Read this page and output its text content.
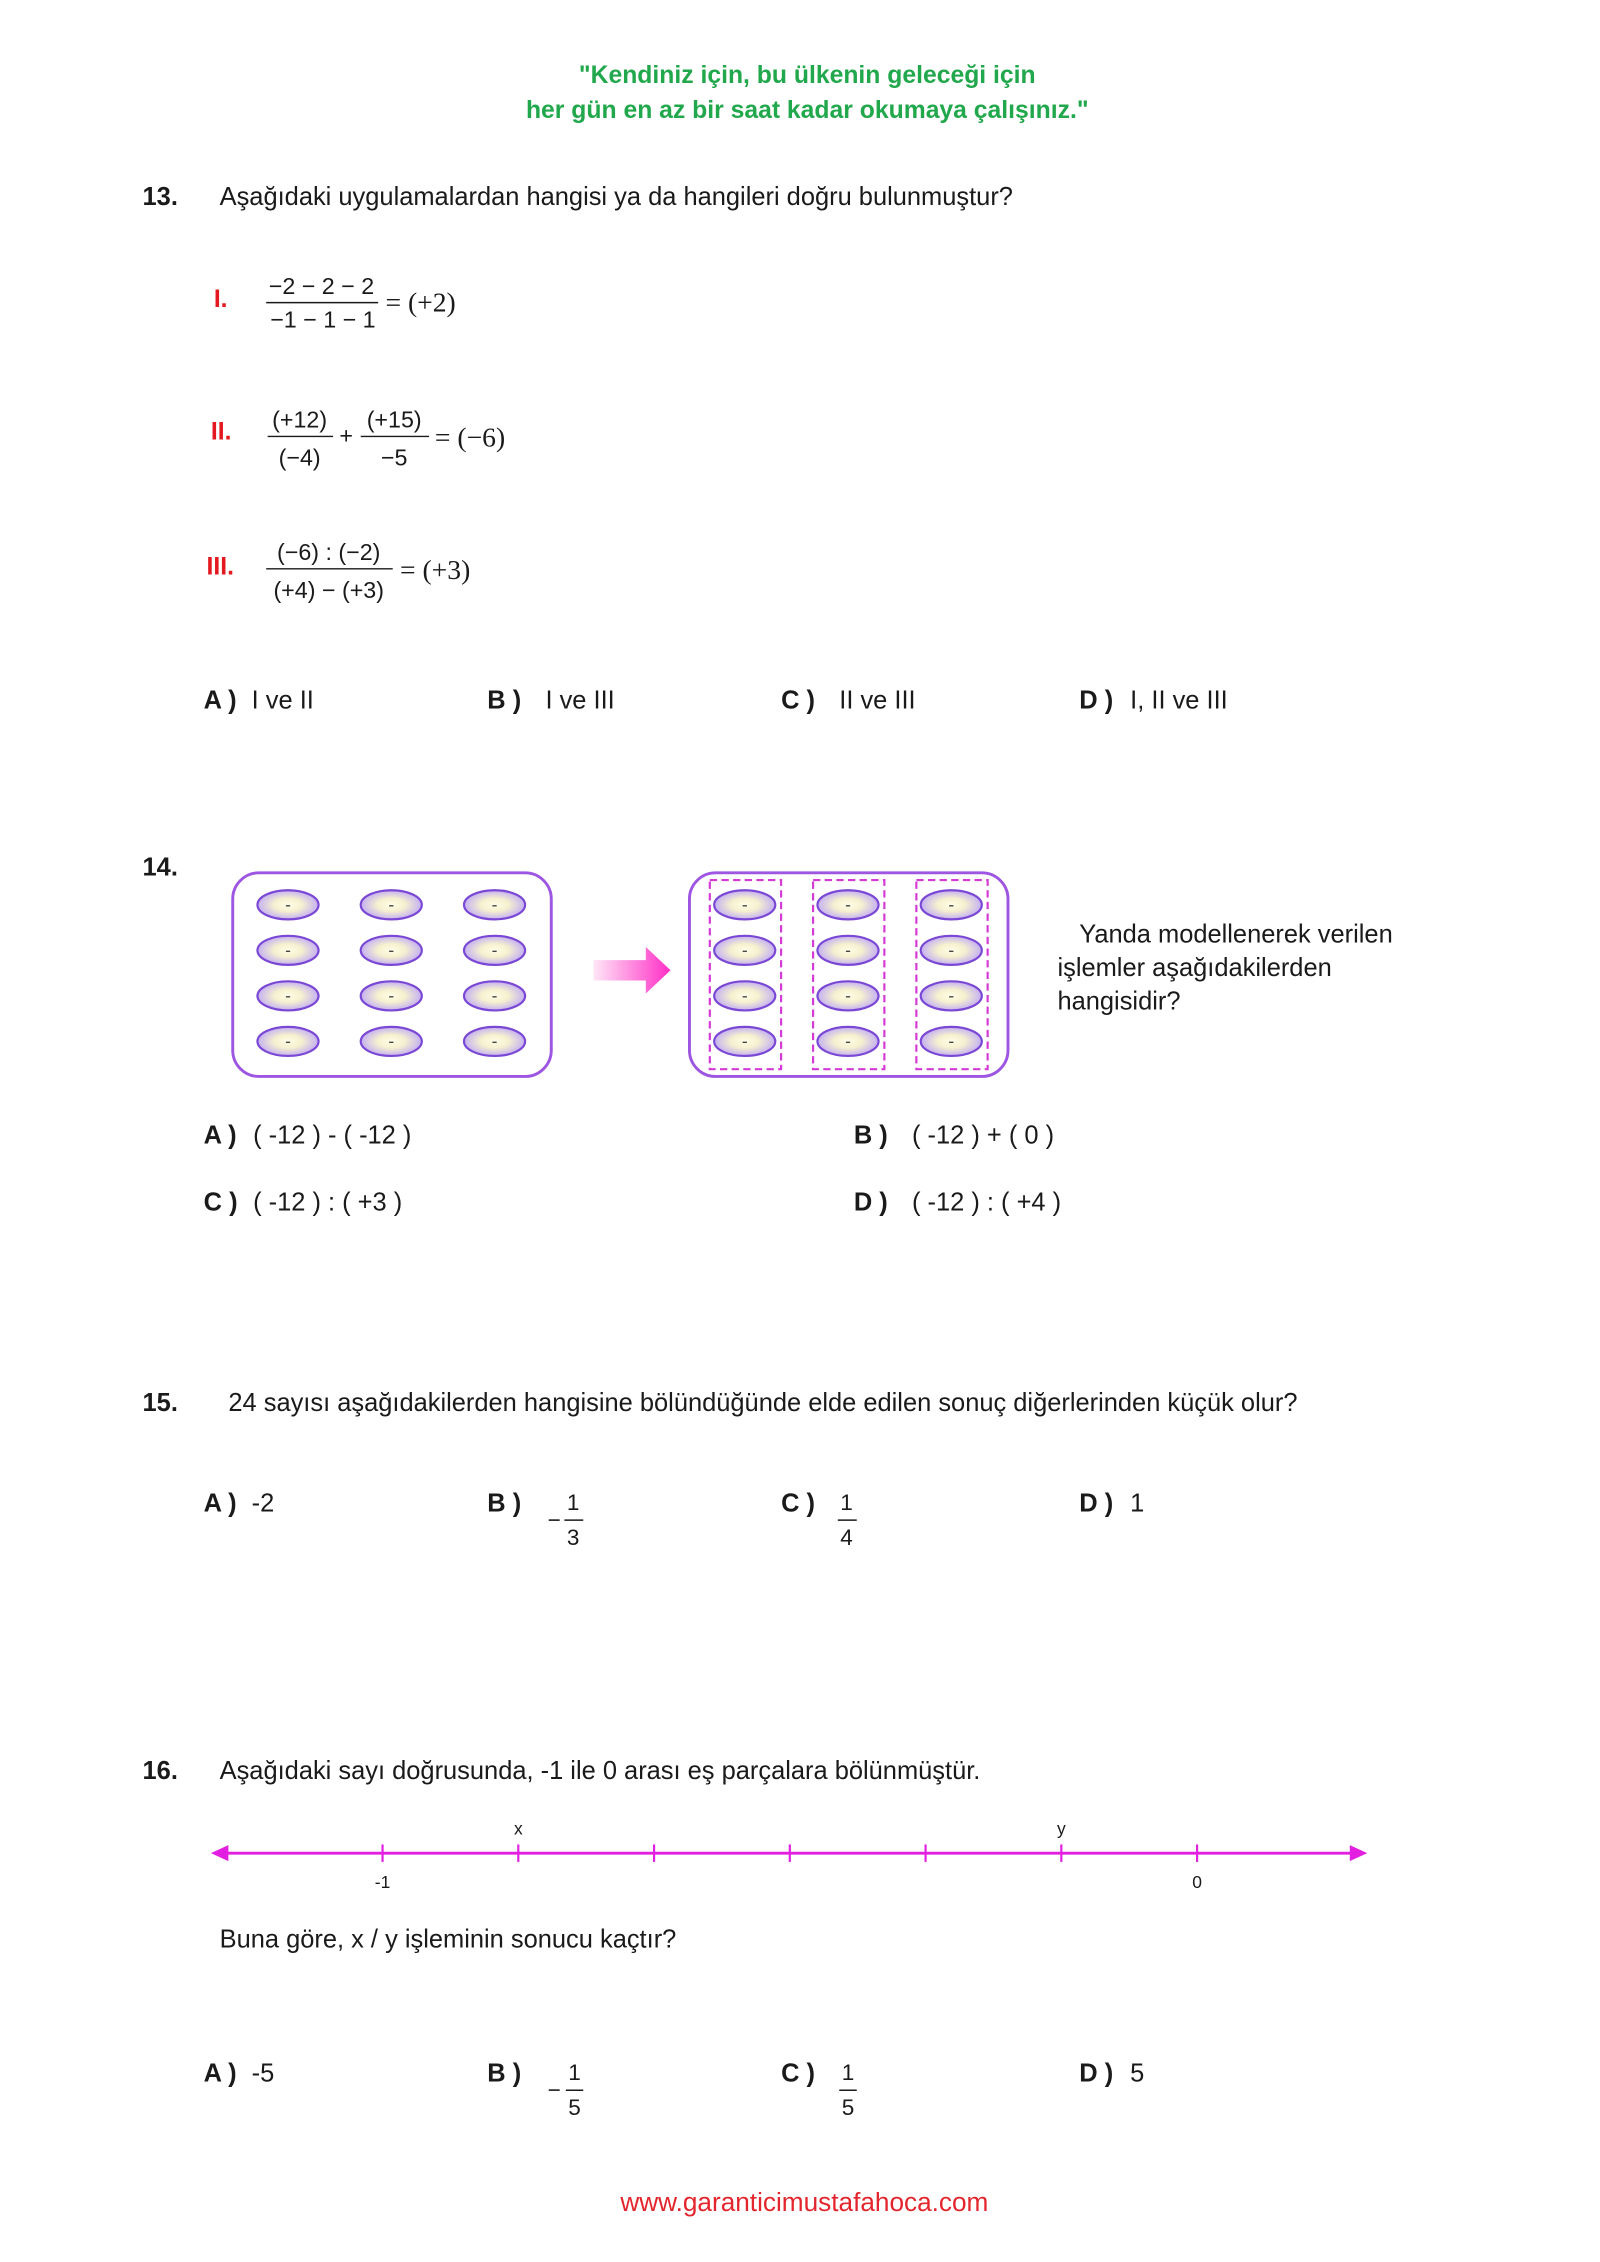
"Kendiniz için, bu ülkenin geleceği için
her gün en az bir saat kadar okumaya çalışınız."
13. Aşağıdaki uygulamalardan hangisi ya da hangileri doğru bulunmuştur?
I.
−2 − 2 − 2
−1 − 1 − 1
= (+2)
II.	(+12)
(−4)
+
(+15)
−5
= (−6)
III.
(−6) : (−2)
(+4) − (+3)
= (+3)
A ) I ve II	B ) I ve III	C ) II ve III	D ) I, II ve III
14.
-
-
-
-
-
-
-
-
-
-
-
-
-
-
-
-
-
-
-
-
-
-
-
-
Yanda modellenerek verilen
işlemler aşağıdakilerden
hangisidir?
A ) ( -12 ) - ( -12 )	B ) ( -12 ) + ( 0 )
C ) ( -12 ) : ( +3 )	D ) ( -12 ) : ( +4 )
15.	24 sayısı aşağıdakilerden hangisine bölündüğünde elde edilen sonuç diğerlerinden küçük olur?
A ) -2	B )
−
1
3
C ) 1
4
D ) 1
16. Aşağıdaki sayı doğrusunda, -1 ile 0 arası eş parçalara bölünmüştür.
x	y
-1	0
Buna göre, x / y işleminin sonucu kaçtır?
A ) -5	B )
−
1
5
C ) 1
5
D ) 5
www.garanticimustafahoca.com
